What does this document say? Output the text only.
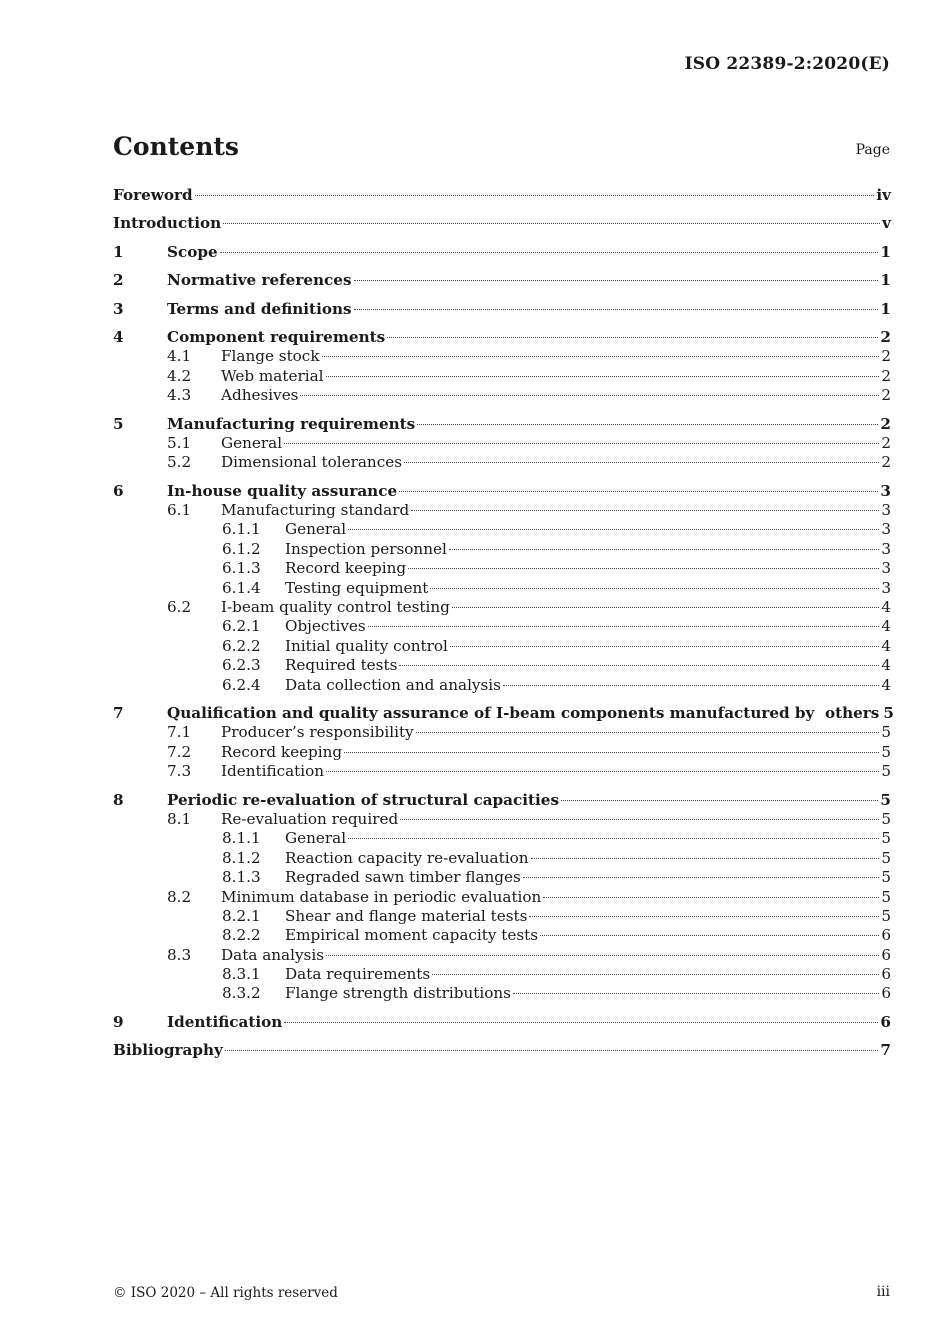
ISO 22389-2:2020(E)
Contents	Page
Foreword	iv
Introduction	v
1	Scope	1
2	Normative references	1
3	Terms and definitions	1
4	Component requirements	2
4.1	Flange stock	2
4.2	Web material	2
4.3	Adhesives	2
5	Manufacturing requirements	2
5.1	General	2
5.2	Dimensional tolerances	2
6	In-house quality assurance	3
6.1	Manufacturing standard	3
6.1.1	General	3
6.1.2	Inspection personnel	3
6.1.3	Record keeping	3
6.1.4	Testing equipment	3
6.2	I-beam quality control testing	4
6.2.1	Objectives	4
6.2.2	Initial quality control	4
6.2.3	Required tests	4
6.2.4	Data collection and analysis	4
7	Qualification and quality assurance of I-beam components manufactured by  others 5
7.1	Producer’s responsibility	5
7.2	Record keeping	5
7.3	Identification	5
8	Periodic re-evaluation of structural capacities	5
8.1	Re-evaluation required	5
8.1.1	General	5
8.1.2	Reaction capacity re-evaluation	5
8.1.3	Regraded sawn timber flanges	5
8.2	Minimum database in periodic evaluation	5
8.2.1	Shear and flange material tests	5
8.2.2	Empirical moment capacity tests	6
8.3	Data analysis	6
8.3.1	Data requirements	6
8.3.2	Flange strength distributions	6
9	Identification	6
Bibliography	7
© ISO 2020 – All rights reserved	iii
